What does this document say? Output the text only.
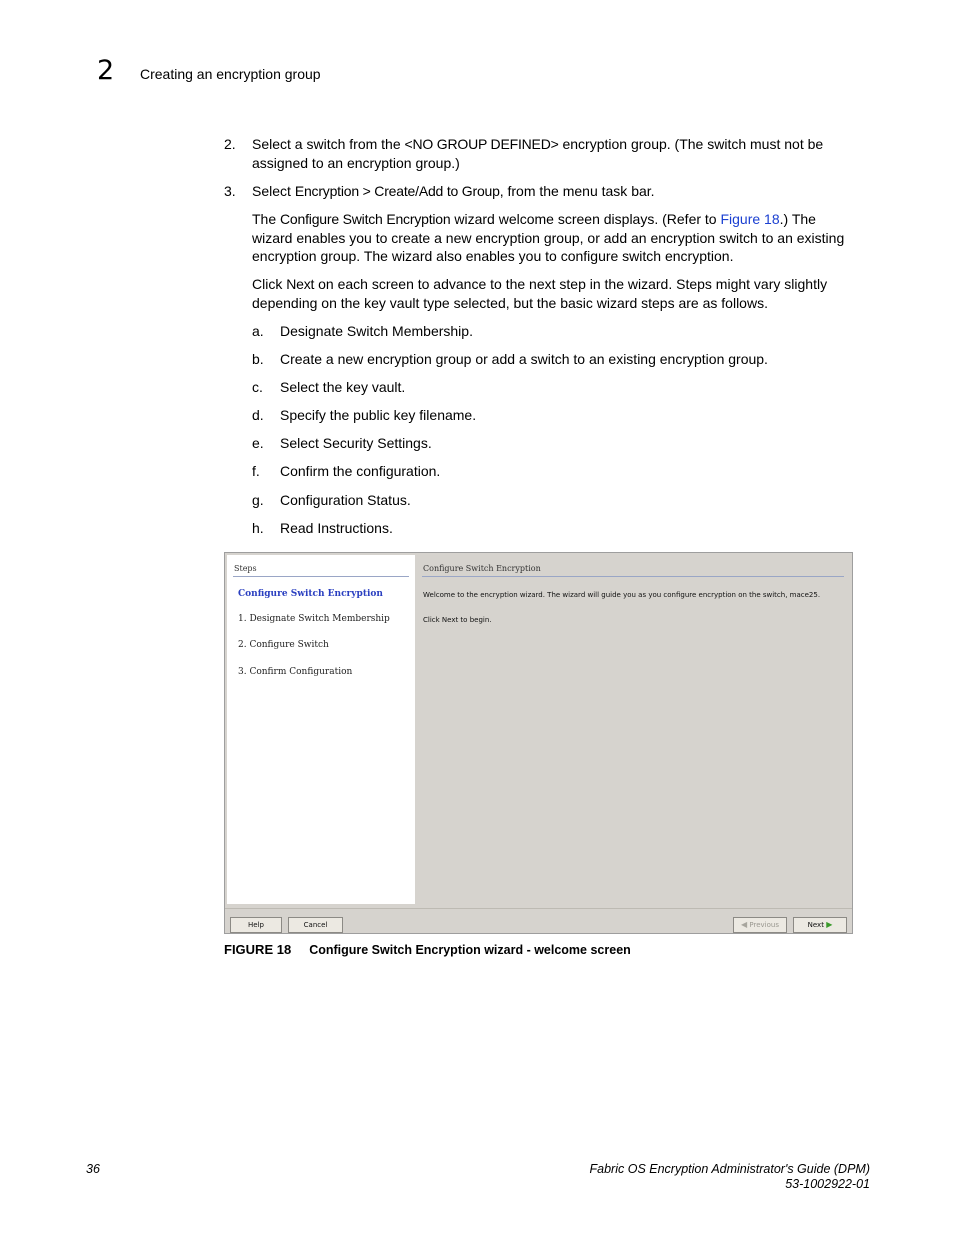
2 Creating an encryption group
2. Select a switch from the <NO GROUP DEFINED> encryption group. (The switch must not be
assigned to an encryption group.)
3. Select Encryption > Create/Add to Group, from the menu task bar.
The Configure Switch Encryption wizard welcome screen displays. (Refer to Figure 18.) The
wizard enables you to create a new encryption group, or add an encryption switch to an existing
encryption group. The wizard also enables you to configure switch encryption.
Click Next on each screen to advance to the next step in the wizard. Steps might vary slightly
depending on the key vault type selected, but the basic wizard steps are as follows.
a. Designate Switch Membership.
b. Create a new encryption group or add a switch to an existing encryption group.
c. Select the key vault.
d. Specify the public key filename.
e. Select Security Settings.
f. Confirm the configuration.
g. Configuration Status.
h. Read Instructions.
Steps
Configure Switch Encryption
1. Designate Switch Membership
2. Configure Switch
3. Confirm Configuration
Configure Switch Encryption
Welcome to the encryption wizard. The wizard will guide you as you configure encryption on the switch, mace25.
Click Next to begin.
Help	Cancel	◀ Previous	Next ▶
FIGURE 18 Configure Switch Encryption wizard - welcome screen
36	Fabric OS Encryption Administrator's Guide (DPM)
53-1002922-01
